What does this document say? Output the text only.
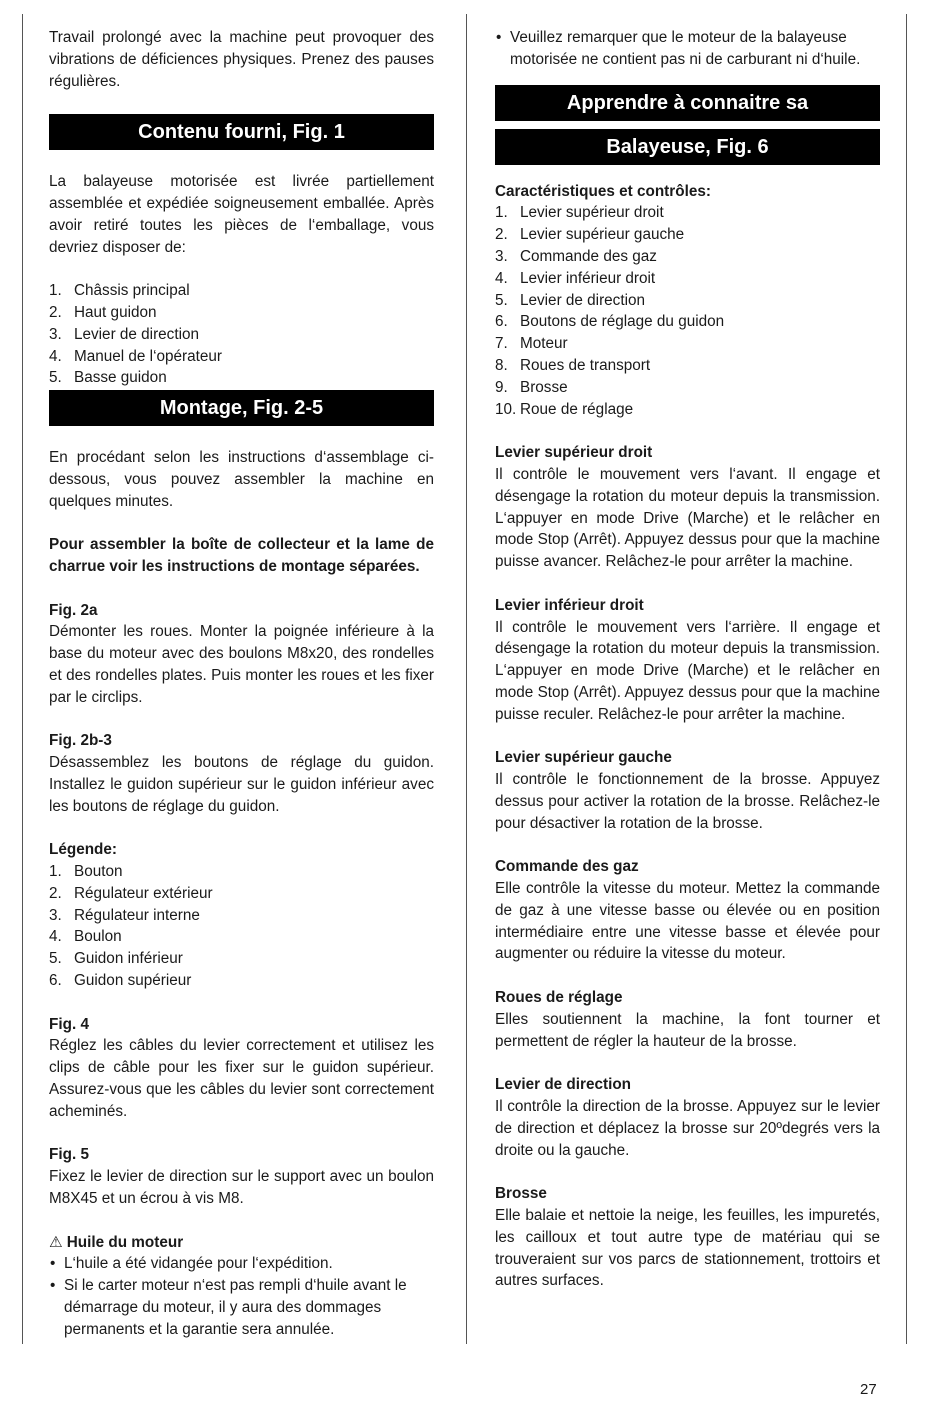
Travail prolongé avec la machine peut provoquer des vibrations de déficiences physiques. Prenez des pauses régulières.

Contenu fourni, Fig. 1

La balayeuse motorisée est livrée partiellement assemblée et expédiée soigneusement emballée. Après avoir retiré toutes les pièces de l‘emballage, vous devriez disposer de:

1. Châssis principal
2. Haut guidon
3. Levier de direction
4. Manuel de l‘opérateur
5. Basse guidon
Montage, Fig. 2-5

En procédant selon les instructions d‘assemblage ci-dessous, vous pouvez assembler la machine en quelques minutes.

Pour assembler la boîte de collecteur et la lame de charrue voir les instructions de montage séparées.

Fig. 2a

Démonter les roues. Monter la poignée inférieure à la base du moteur avec des boulons M8x20, des rondelles et des rondelles plates. Puis monter les roues et les fixer par le circlips.

Fig. 2b-3

Désassemblez les boutons de réglage du guidon. Installez le guidon supérieur sur le guidon inférieur avec les boutons de réglage du guidon.

Légende:

1. Bouton
2. Régulateur extérieur
3. Régulateur interne
4. Boulon
5. Guidon inférieur
6. Guidon supérieur

Fig. 4

Réglez les câbles du levier correctement et utilisez les clips de câble pour les fixer sur le guidon supérieur. Assurez-vous que les câbles du levier sont correctement acheminés.

Fig. 5

Fixez le levier de direction sur le support avec un boulon M8X45 et un écrou à vis M8.

⚠ Huile du moteur

• L‘huile a été vidangée pour l‘expédition.
• Si le carter moteur n‘est pas rempli d‘huile avant le démarrage du moteur, il y aura des dommages permanents et la garantie sera annulée.
• Veuillez remarquer que le moteur de la balayeuse motorisée ne contient pas ni de carburant ni d‘huile.
Apprendre à connaitre sa
Balayeuse, Fig. 6

Caractéristiques et contrôles:

1. Levier supérieur droit
2. Levier supérieur gauche
3. Commande des gaz
4. Levier inférieur droit
5. Levier de direction
6. Boutons de réglage du guidon
7. Moteur
8. Roues de transport
9. Brosse
10. Roue de réglage

Levier supérieur droit

Il contrôle le mouvement vers l‘avant. Il engage et désengage la rotation du moteur depuis la transmission. L‘appuyer en mode Drive (Marche) et le relâcher en mode Stop (Arrêt). Appuyez dessus pour que la machine puisse avancer. Relâchez-le pour arrêter la machine.

Levier inférieur droit

Il contrôle le mouvement vers l‘arrière. Il engage et désengage la rotation du moteur depuis la transmission. L‘appuyer en mode Drive (Marche) et le relâcher en mode Stop (Arrêt). Appuyez dessus pour que la machine puisse reculer. Relâchez-le pour arrêter la machine.

Levier supérieur gauche

Il contrôle le fonctionnement de la brosse. Appuyez dessus pour activer la rotation de la brosse. Relâchez-le pour désactiver la rotation de la brosse.

Commande des gaz

Elle contrôle la vitesse du moteur. Mettez la commande de gaz à une vitesse basse ou élevée ou en position intermédiaire entre une vitesse basse et élevée pour augmenter ou réduire la vitesse du moteur.

Roues de réglage

Elles soutiennent la machine, la font tourner et permettent de régler la hauteur de la brosse.

Levier de direction

Il contrôle la direction de la brosse. Appuyez sur le levier de direction et déplacez la brosse sur 20ºdegrés vers la droite ou la gauche.

Brosse

Elle balaie et nettoie la neige, les feuilles, les impuretés, les cailloux et tout autre type de matériau qui se trouveraient sur vos parcs de stationnement, trottoirs et autres surfaces.

27
